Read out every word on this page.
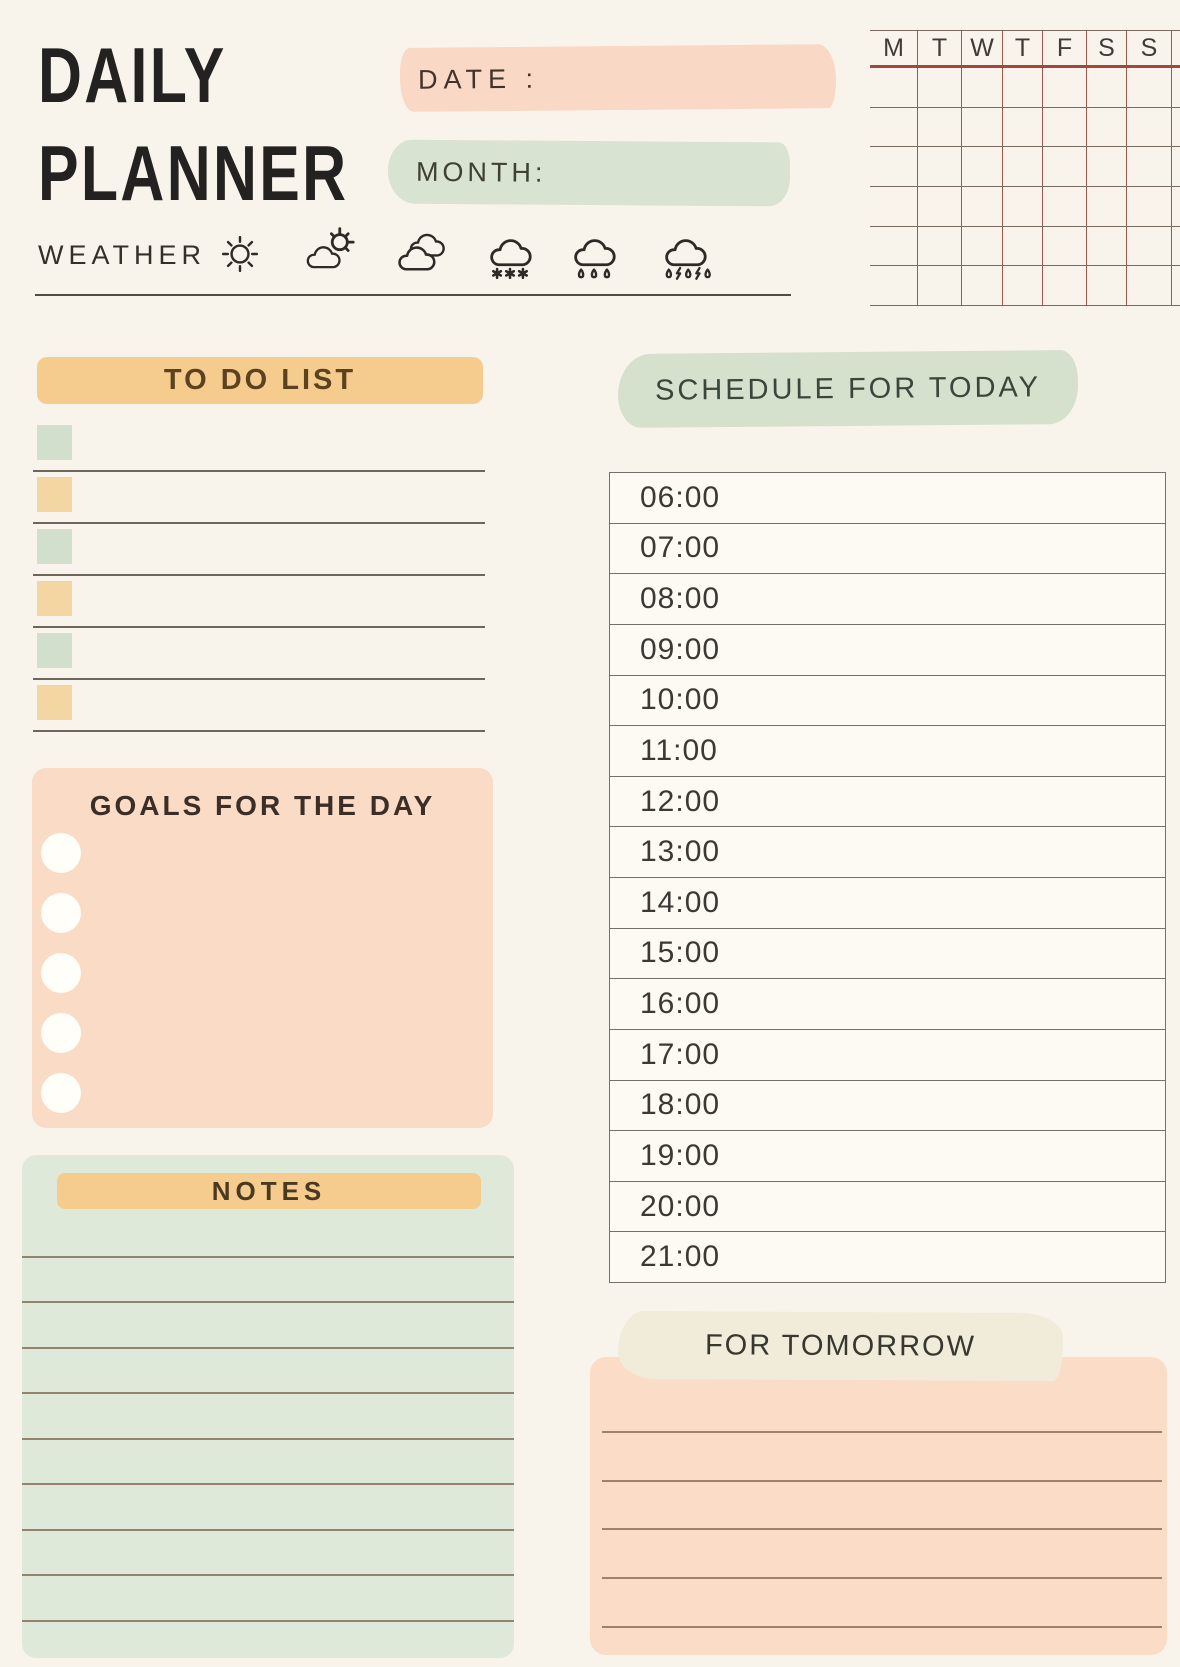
DAILY
PLANNER
DATE :
MONTH:
M	T W T	F	S	S
WEATHER
TO DO LIST
GOALS FOR THE DAY
NOTES
SCHEDULE FOR TODAY
06:00
07:00
08:00
09:00
10:00
11:00
12:00
13:00
14:00
15:00
16:00
17:00
18:00
19:00
20:00
21:00
FOR TOMORROW
